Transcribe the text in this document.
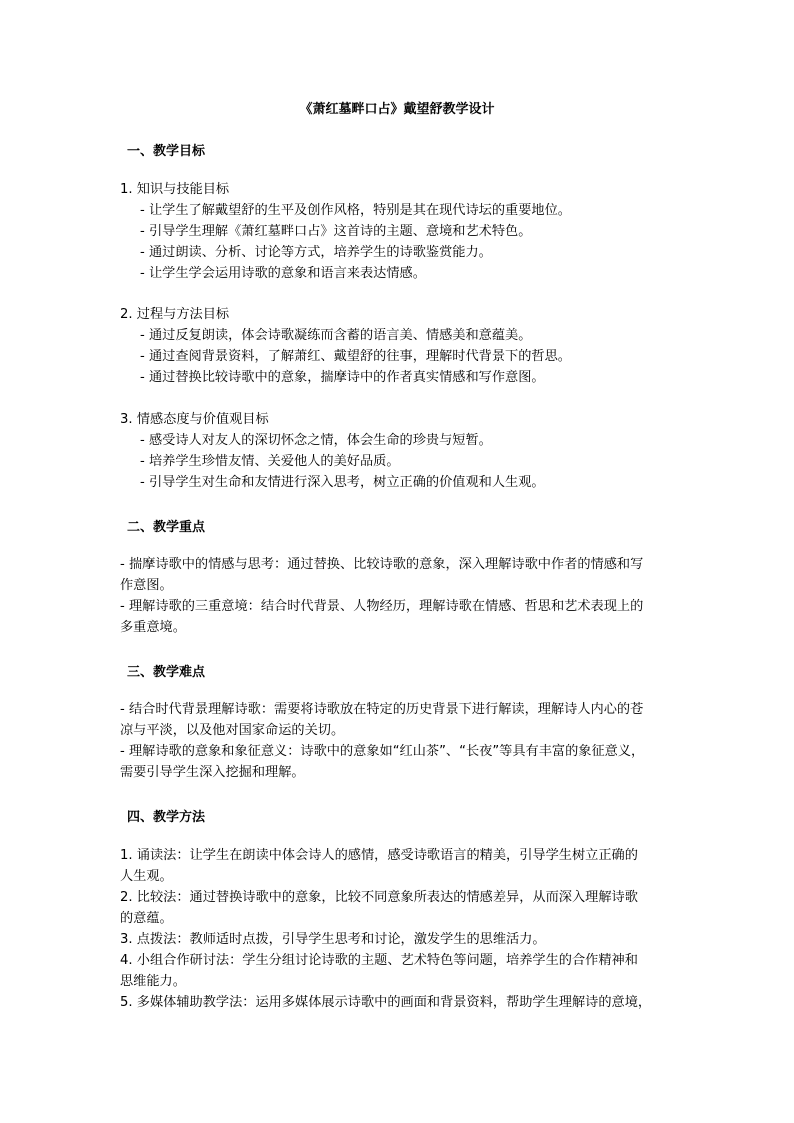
《萧红墓畔口占》戴望舒教学设计
一、教学目标
1. 知识与技能目标
- 让学生了解戴望舒的生平及创作风格，特别是其在现代诗坛的重要地位。
- 引导学生理解《萧红墓畔口占》这首诗的主题、意境和艺术特色。
- 通过朗读、分析、讨论等方式，培养学生的诗歌鉴赏能力。
- 让学生学会运用诗歌的意象和语言来表达情感。
2. 过程与方法目标
- 通过反复朗读，体会诗歌凝练而含蓄的语言美、情感美和意蕴美。
- 通过查阅背景资料，了解萧红、戴望舒的往事，理解时代背景下的哲思。
- 通过替换比较诗歌中的意象，揣摩诗中的作者真实情感和写作意图。
3. 情感态度与价值观目标
- 感受诗人对友人的深切怀念之情，体会生命的珍贵与短暂。
- 培养学生珍惜友情、关爱他人的美好品质。
- 引导学生对生命和友情进行深入思考，树立正确的价值观和人生观。
二、教学重点
- 揣摩诗歌中的情感与思考：通过替换、比较诗歌的意象，深入理解诗歌中作者的情感和写
作意图。
- 理解诗歌的三重意境：结合时代背景、人物经历，理解诗歌在情感、哲思和艺术表现上的
多重意境。
三、教学难点
- 结合时代背景理解诗歌：需要将诗歌放在特定的历史背景下进行解读，理解诗人内心的苍
凉与平淡，以及他对国家命运的关切。
- 理解诗歌的意象和象征意义：诗歌中的意象如“红山茶”、“长夜”等具有丰富的象征意义，
需要引导学生深入挖掘和理解。
四、教学方法
1. 诵读法：让学生在朗读中体会诗人的感情，感受诗歌语言的精美，引导学生树立正确的
人生观。
2. 比较法：通过替换诗歌中的意象，比较不同意象所表达的情感差异，从而深入理解诗歌
的意蕴。
3. 点拨法：教师适时点拨，引导学生思考和讨论，激发学生的思维活力。
4. 小组合作研讨法：学生分组讨论诗歌的主题、艺术特色等问题，培养学生的合作精神和
思维能力。
5. 多媒体辅助教学法：运用多媒体展示诗歌中的画面和背景资料，帮助学生理解诗的意境，
